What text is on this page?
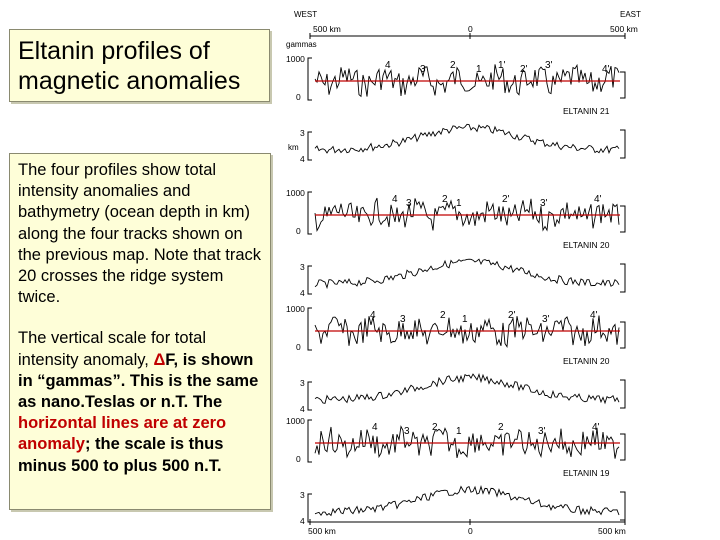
Eltanin profiles of magnetic anomalies
The four profiles show total intensity anomalies and bathymetry (ocean depth in km) along the four tracks shown on the previous map. Note that track 20 crosses the ridge system twice.
The vertical scale for total intensity anomaly, ΔF, is shown in “gammas”. This is the same as nano.Teslas or n.T. The horizontal lines are at zero anomaly; the scale is thus minus 500 to plus 500 n.T.
WEST	EAST
500 km	0	500 km
gammas
1000
0
3
km
4
4	3 2 1 1' 2' 3'	4'
ELTANIN 21
1000
0
3
4
4 3	2 1	2'	3'	4'
ELTANIN 20
1000
0
3
4
4 3	2 1	2'	3'	4'
ELTANIN 20
1000
0
3
4
4	3 2 1	2	3'	4'
ELTANIN 19
500 km	0	500 km
